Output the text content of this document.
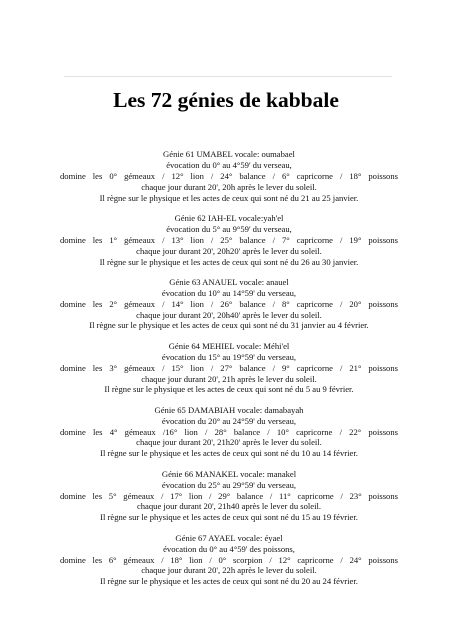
Les 72 génies de kabbale
Génie 61 UMABEL vocale: oumabael
évocation du 0° au 4°59' du verseau,
domine les 0° gémeaux / 12° lion / 24° balance / 6° capricorne / 18° poissons
chaque jour durant 20', 20h après le lever du soleil.
Il règne sur le physique et les actes de ceux qui sont né du 21 au 25 janvier.
Génie 62 IAH-EL vocale:yah'el
évocation du 5° au 9°59' du verseau,
domine les 1° gémeaux / 13° lion / 25° balance / 7° capricorne / 19° poissons
chaque jour durant 20', 20h20' après le lever du soleil.
Il règne sur le physique et les actes de ceux qui sont né du 26 au 30 janvier.
Génie 63 ANAUEL vocale: anauel
évocation du 10° au 14°59' du verseau,
domine les 2° gémeaux / 14° lion / 26° balance / 8° capricorne / 20° poissons
chaque jour durant 20', 20h40' après le lever du soleil.
Il règne sur le physique et les actes de ceux qui sont né du 31 janvier au 4 février.
Génie 64 MEHIEL vocale: Méhi'el
évocation du 15° au 19°59' du verseau,
domine les 3° gémeaux / 15° lion / 27° balance / 9° capricorne / 21° poissons
chaque jour durant 20', 21h après le lever du soleil.
Il règne sur le physique et les actes de ceux qui sont né du 5 au 9 février.
Génie 65 DAMABIAH vocale: damabayah
évocation du 20° au 24°59' du verseau,
domine les 4° gémeaux /16° lion / 28° balance / 10° capricorne / 22° poissons
chaque jour durant 20', 21h20' après le lever du soleil.
Il règne sur le physique et les actes de ceux qui sont né du 10 au 14 février.
Génie 66 MANAKEL vocale: manakel
évocation du 25° au 29°59' du verseau,
domine les 5° gémeaux / 17° lion / 29° balance / 11° capricorne / 23° poissons
chaque jour durant 20', 21h40 après le lever du soleil.
Il règne sur le physique et les actes de ceux qui sont né du 15 au 19 février.
Génie 67 AYAEL vocale: éyael
évocation du 0° au 4°59' des poissons,
domine les 6° gémeaux / 18° lion / 0° scorpion / 12° capricorne / 24° poissons
chaque jour durant 20', 22h après le lever du soleil.
Il règne sur le physique et les actes de ceux qui sont né du 20 au 24 février.
